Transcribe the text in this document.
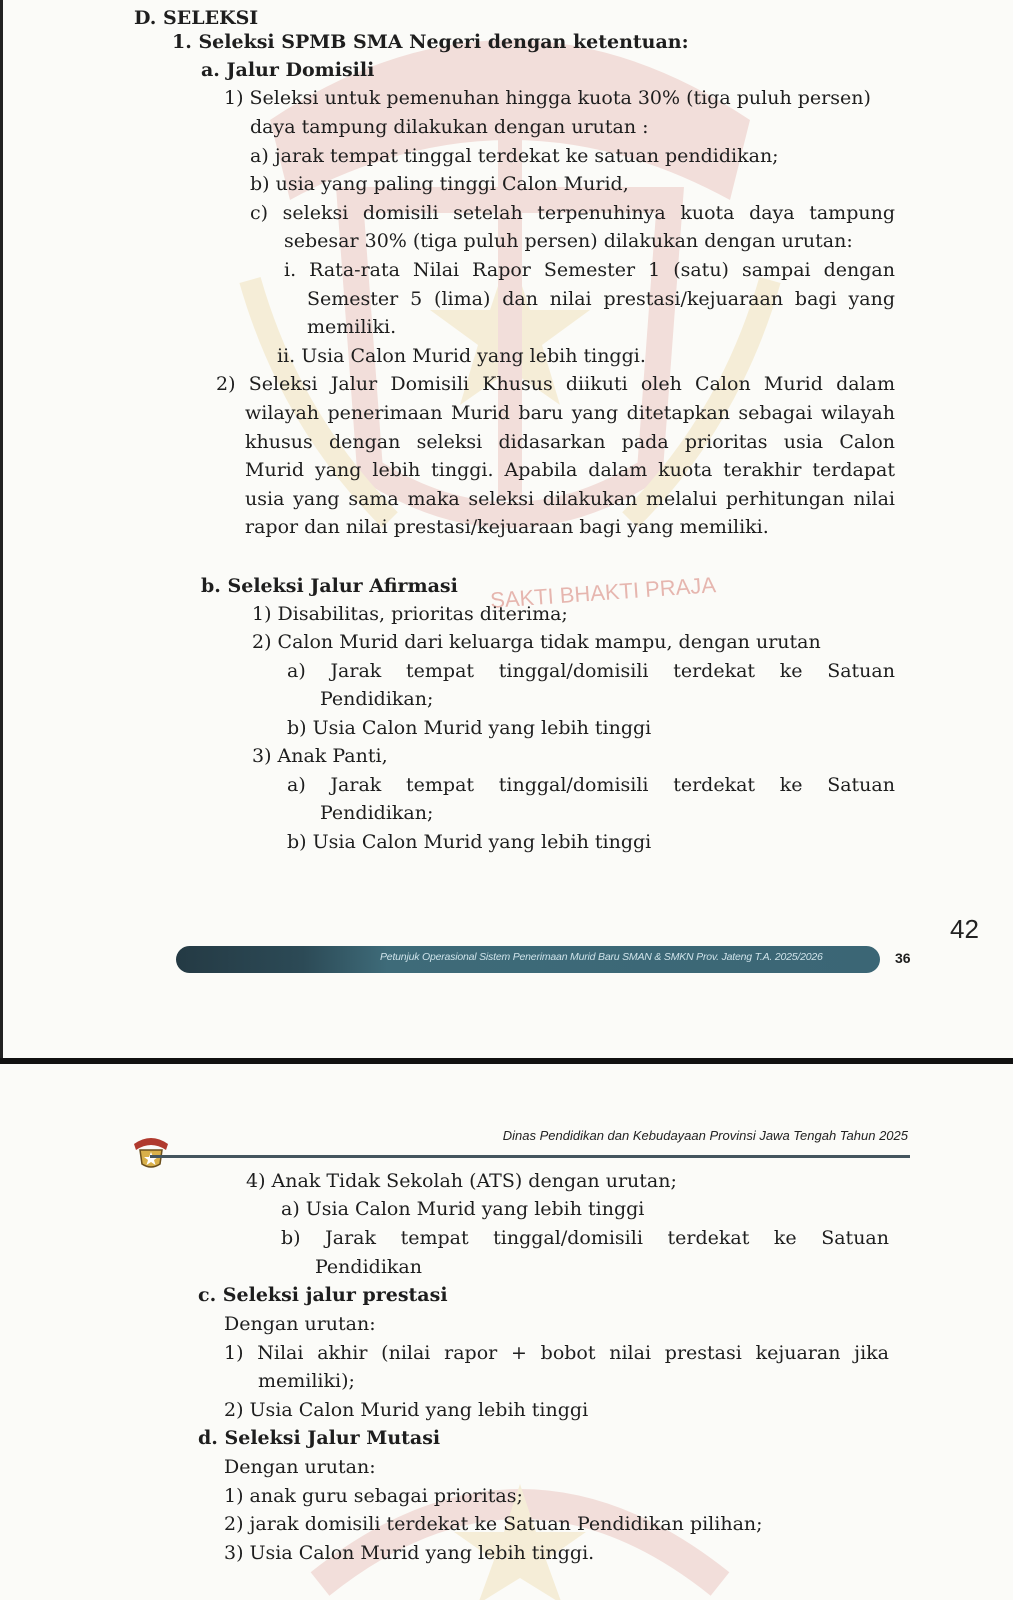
SAKTI BHAKTI PRAJA
D. SELEKSI
1. Seleksi SPMB SMA Negeri dengan ketentuan:
a. Jalur Domisili
1) Seleksi untuk pemenuhan hingga kuota 30% (tiga puluh persen)
daya tampung dilakukan dengan urutan :
a) jarak tempat tinggal terdekat ke satuan pendidikan;
b) usia yang paling tinggi Calon Murid,
c) seleksi domisili setelah terpenuhinya kuota daya tampung
sebesar 30% (tiga puluh persen) dilakukan dengan urutan:
i. Rata-rata Nilai Rapor Semester 1 (satu) sampai dengan
Semester 5 (lima) dan nilai prestasi/kejuaraan bagi yang
memiliki.
ii. Usia Calon Murid yang lebih tinggi.
2) Seleksi Jalur Domisili Khusus diikuti oleh Calon Murid dalam
wilayah penerimaan Murid baru yang ditetapkan sebagai wilayah
khusus dengan seleksi didasarkan pada prioritas usia Calon
Murid yang lebih tinggi. Apabila dalam kuota terakhir terdapat
usia yang sama maka seleksi dilakukan melalui perhitungan nilai
rapor dan nilai prestasi/kejuaraan bagi yang memiliki.
b. Seleksi Jalur Afirmasi
1) Disabilitas, prioritas diterima;
2) Calon Murid dari keluarga tidak mampu, dengan urutan
a) Jarak tempat tinggal/domisili terdekat ke Satuan
Pendidikan;
b) Usia Calon Murid yang lebih tinggi
3) Anak Panti,
a) Jarak tempat tinggal/domisili terdekat ke Satuan
Pendidikan;
b) Usia Calon Murid yang lebih tinggi
42
Petunjuk Operasional Sistem Penerimaan Murid Baru SMAN & SMKN Prov. Jateng T.A. 2025/2026	36
Dinas Pendidikan dan Kebudayaan Provinsi Jawa Tengah Tahun 2025
4) Anak Tidak Sekolah (ATS) dengan urutan;
a) Usia Calon Murid yang lebih tinggi
b) Jarak tempat tinggal/domisili terdekat ke Satuan
Pendidikan
c. Seleksi jalur prestasi
Dengan urutan:
1) Nilai akhir (nilai rapor + bobot nilai prestasi kejuaran jika
memiliki);
2) Usia Calon Murid yang lebih tinggi
d. Seleksi Jalur Mutasi
Dengan urutan:
1) anak guru sebagai prioritas;
2) jarak domisili terdekat ke Satuan Pendidikan pilihan;
3) Usia Calon Murid yang lebih tinggi.
